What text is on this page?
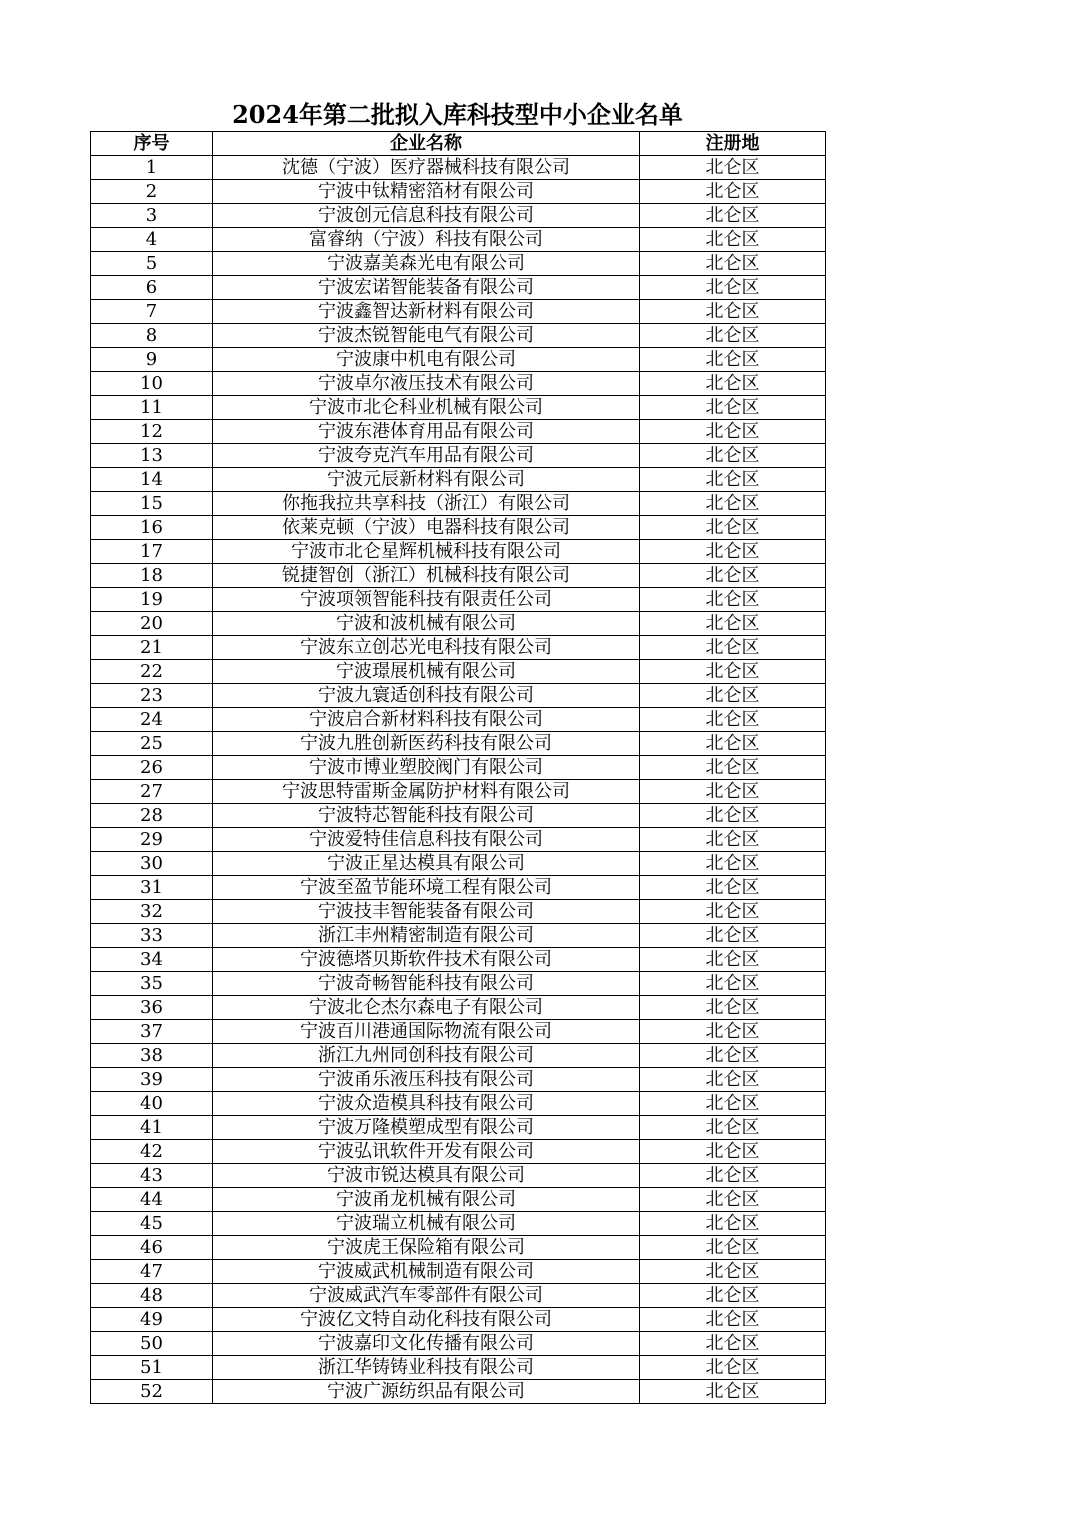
2024年第二批拟入库科技型中小企业名单
序号	企业名称	注册地
1	沈德（宁波）医疗器械科技有限公司	北仑区
2	宁波中钛精密箔材有限公司	北仑区
3	宁波创元信息科技有限公司	北仑区
4	富睿纳（宁波）科技有限公司	北仑区
5	宁波嘉美森光电有限公司	北仑区
6	宁波宏诺智能装备有限公司	北仑区
7	宁波鑫智达新材料有限公司	北仑区
8	宁波杰锐智能电气有限公司	北仑区
9	宁波康中机电有限公司	北仑区
10	宁波卓尔液压技术有限公司	北仑区
11	宁波市北仑科业机械有限公司	北仑区
12	宁波东港体育用品有限公司	北仑区
13	宁波夸克汽车用品有限公司	北仑区
14	宁波元辰新材料有限公司	北仑区
15	你拖我拉共享科技（浙江）有限公司	北仑区
16	依莱克顿（宁波）电器科技有限公司	北仑区
17	宁波市北仑星辉机械科技有限公司	北仑区
18	锐捷智创（浙江）机械科技有限公司	北仑区
19	宁波项领智能科技有限责任公司	北仑区
20	宁波和波机械有限公司	北仑区
21	宁波东立创芯光电科技有限公司	北仑区
22	宁波璟展机械有限公司	北仑区
23	宁波九寰适创科技有限公司	北仑区
24	宁波启合新材料科技有限公司	北仑区
25	宁波九胜创新医药科技有限公司	北仑区
26	宁波市博业塑胶阀门有限公司	北仑区
27	宁波思特雷斯金属防护材料有限公司	北仑区
28	宁波特芯智能科技有限公司	北仑区
29	宁波爱特佳信息科技有限公司	北仑区
30	宁波正星达模具有限公司	北仑区
31	宁波至盈节能环境工程有限公司	北仑区
32	宁波技丰智能装备有限公司	北仑区
33	浙江丰州精密制造有限公司	北仑区
34	宁波德塔贝斯软件技术有限公司	北仑区
35	宁波奇畅智能科技有限公司	北仑区
36	宁波北仑杰尔森电子有限公司	北仑区
37	宁波百川港通国际物流有限公司	北仑区
38	浙江九州同创科技有限公司	北仑区
39	宁波甬乐液压科技有限公司	北仑区
40	宁波众造模具科技有限公司	北仑区
41	宁波万隆模塑成型有限公司	北仑区
42	宁波弘讯软件开发有限公司	北仑区
43	宁波市锐达模具有限公司	北仑区
44	宁波甬龙机械有限公司	北仑区
45	宁波瑞立机械有限公司	北仑区
46	宁波虎王保险箱有限公司	北仑区
47	宁波威武机械制造有限公司	北仑区
48	宁波威武汽车零部件有限公司	北仑区
49	宁波亿文特自动化科技有限公司	北仑区
50	宁波嘉印文化传播有限公司	北仑区
51	浙江华铸铸业科技有限公司	北仑区
52	宁波广源纺织品有限公司	北仑区
